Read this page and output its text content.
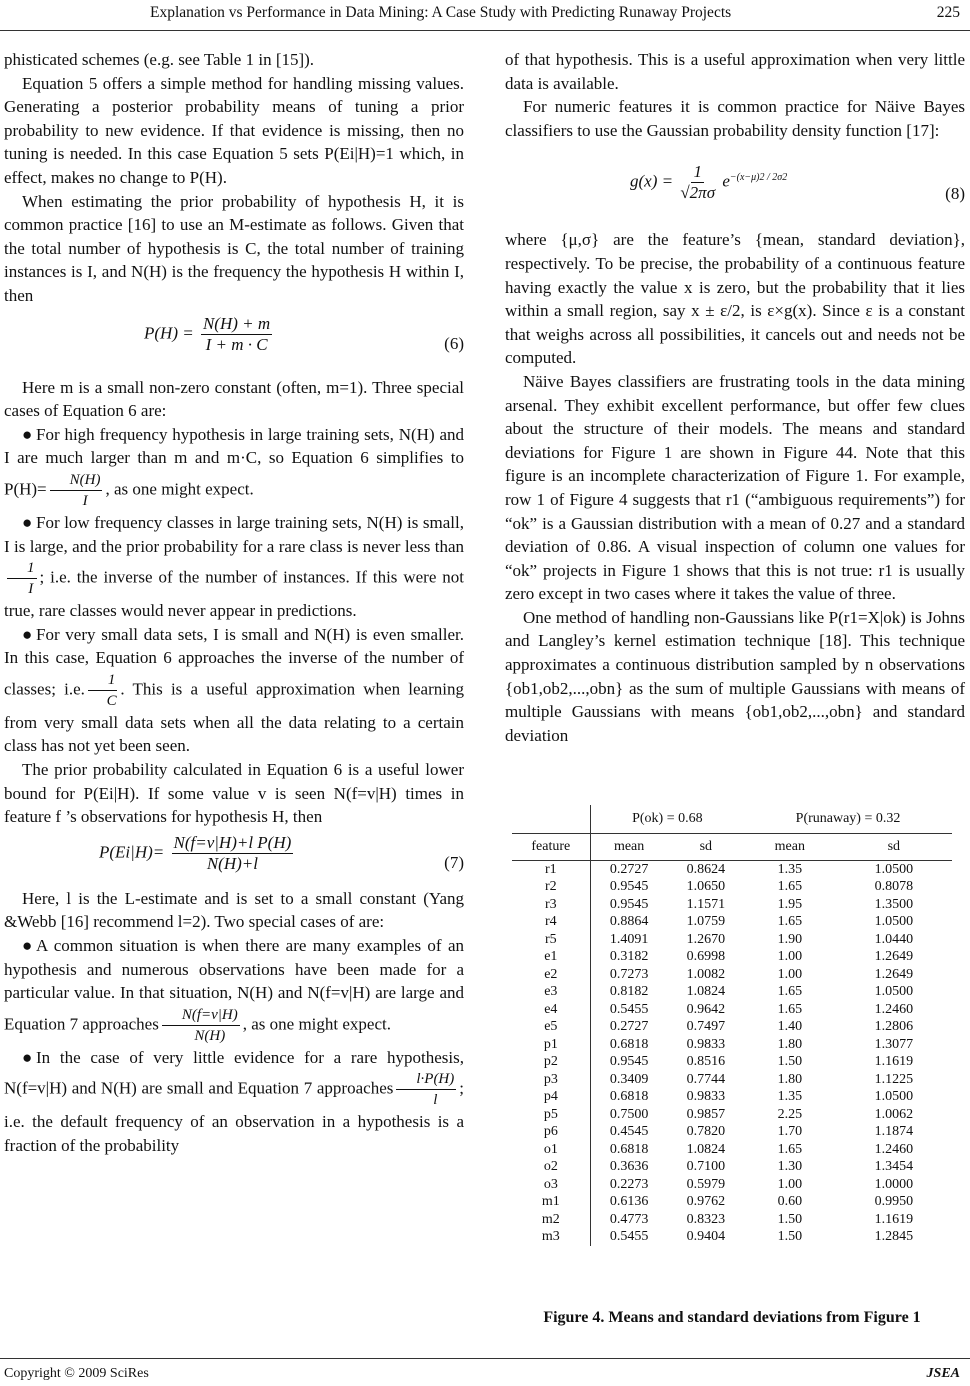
Explanation vs Performance in Data Mining: A Case Study with Predicting Runaway Projects	225

phisticated schemes (e.g. see Table 1 in [15]).

Equation 5 offers a simple method for handling missing values. Generating a posterior probability means of tuning a prior probability to new evidence. If that evidence is missing, then no tuning is needed. In this case Equation 5 sets P(Ei|H)=1 which, in effect, makes no change to P(H).

When estimating the prior probability of hypothesis H, it is common practice [16] to use an M-estimate as follows. Given that the total number of hypothesis is C, the total number of training instances is I, and N(H) is the frequency the hypothesis H within I, then

$P(H) = \frac{N(H) + m}{I + m \cdot C}$	(6)

Here m is a small non-zero constant (often, m=1). Three special cases of Equation 6 are:

● For high frequency hypothesis in large training sets, N(H) and I are much larger than m and m·C, so Equation 6 simplifies to $P(H)= \frac{N(H)}{I}$ , as one might expect.

● For low frequency classes in large training sets, N(H) is small, I is large, and the prior probability for a rare class is never less than
$\frac{1}{I}$ ; i.e. the inverse of the number of instances. If this were not true, rare classes would never appear in predictions.

● For very small data sets, I is small and N(H) is even smaller. In this case, Equation 6 approaches the inverse of the number of classes; i.e. $\frac{1}{C}$ . This is a useful approximation when learning from very small data sets when all the data relating to a certain class has not yet been seen.

The prior probability calculated in Equation 6 is a useful lower bound for P(Ei|H). If some value v is seen N(f=v|H) times in feature f ’s observations for hypothesis H, then

$P(Ei|H)= \frac{\text{N(f=v|H)+l P(H)}}{N(H)+l}$	(7)

Here, l is the L-estimate and is set to a small constant (Yang &Webb [16] recommend l=2). Two special cases of are:

● A common situation is when there are many examples of an hypothesis and numerous observations have been made for a particular value. In that situation, N(H) and N(f=v|H) are large and Equation 7 approaches $\frac{N(f=v|H)}{N(H)}$ , as one might expect.

● In the case of very little evidence for a rare hypothesis, N(f=v|H) and N(H) are small and Equation 7 approaches $\frac{l\cdot P(H)}{l}$ ; i.e. the default frequency of an observation in a hypothesis is a fraction of the probability

of that hypothesis. This is a useful approximation when very little data is available.

For numeric features it is common practice for Näive Bayes classifiers to use the Gaussian probability density function [17]:

$g(x) = \frac{1}{√2\pi\sigma} e^{-(x-\mu)2 / 2\sigma 2}$
(8)

where {μ,σ} are the feature’s {mean, standard deviation}, respectively. To be precise, the probability of a continuous feature having exactly the value x is zero, but the probability that it lies within a small region, say x ± ε/2, is ε×g(x). Since ε is a constant that weighs across all possibilities, it cancels out and needs not be computed.

Näive Bayes classifiers are frustrating tools in the data mining arsenal. They exhibit excellent performance, but offer few clues about the structure of their models. The means and standard deviations for Figure 1 are shown in Figure 44. Note that this figure is an incomplete characterization of Figure 1. For example, row 1 of Figure 4 suggests that r1 (“ambiguous requirements”) for “ok” is a Gaussian distribution with a mean of 0.27 and a standard deviation of 0.86. A visual inspection of column one values for “ok” projects in Figure 1 shows that this is not true: r1 is usually zero except in two cases where it takes the value of three.

One method of handling non-Gaussians like P(r1=X|ok) is Johns and Langley’s kernel estimation technique [18]. This technique approximates a continuous distribution sampled by n observations {ob1,ob2,...,obn} as the sum of multiple Gaussians with means of multiple Gaussians with means {ob1,ob2,...,obn} and standard deviation

	P(ok) = 0.68		P(runaway) = 0.32	
feature	mean	sd	mean	sd
r1	0.2727	0.8624	1.35	1.0500
r2	0.9545	1.0650	1.65	0.8078
r3	0.9545	1.1571	1.95	1.3500
r4	0.8864	1.0759	1.65	1.0500
r5	1.4091	1.2670	1.90	1.0440
e1	0.3182	0.6998	1.00	1.2649
e2	0.7273	1.0082	1.00	1.2649
e3	0.8182	1.0824	1.65	1.0500
e4	0.5455	0.9642	1.65	1.2460
e5	0.2727	0.7497	1.40	1.2806
p1	0.6818	0.9833	1.80	1.3077
p2	0.9545	0.8516	1.50	1.1619
p3	0.3409	0.7744	1.80	1.1225
p4	0.6818	0.9833	1.35	1.0500
p5	0.7500	0.9857	2.25	1.0062
p6	0.4545	0.7820	1.70	1.1874
o1	0.6818	1.0824	1.65	1.2460
o2	0.3636	0.7100	1.30	1.3454
o3	0.2273	0.5979	1.00	1.0000
m1	0.6136	0.9762	0.60	0.9950
m2	0.4773	0.8323	1.50	1.1619
m3	0.5455	0.9404	1.50	1.2845
Figure 4. Means and standard deviations from Figure 1
Copyright © 2009 SciRes	JSEA
